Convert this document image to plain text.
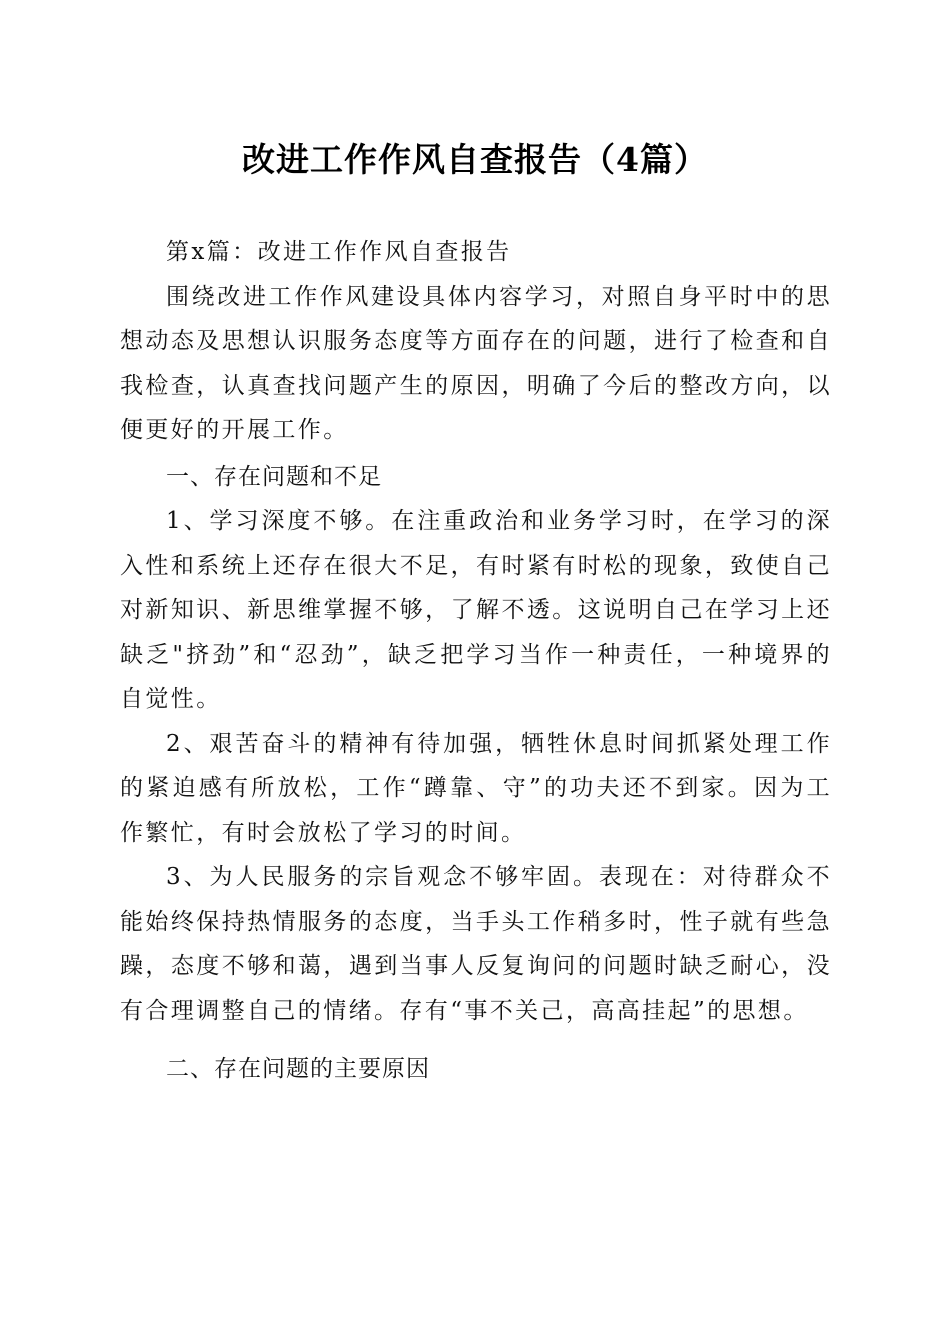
改进工作作风自查报告（4篇）

第x篇：改进工作作风自查报告

围绕改进工作作风建设具体内容学习，对照自身平时中的思想动态及思想认识服务态度等方面存在的问题，进行了检查和自我检查，认真查找问题产生的原因，明确了今后的整改方向，以便更好的开展工作。

一、存在问题和不足

1、学习深度不够。在注重政治和业务学习时，在学习的深入性和系统上还存在很大不足，有时紧有时松的现象，致使自己对新知识、新思维掌握不够，了解不透。这说明自己在学习上还缺乏"挤劲”和“忍劲”，缺乏把学习当作一种责任，一种境界的自觉性。

2、艰苦奋斗的精神有待加强，牺牲休息时间抓紧处理工作的紧迫感有所放松，工作“蹲靠、守”的功夫还不到家。因为工作繁忙，有时会放松了学习的时间。

3、为人民服务的宗旨观念不够牢固。表现在：对待群众不能始终保持热情服务的态度，当手头工作稍多时，性子就有些急躁，态度不够和蔼，遇到当事人反复询问的问题时缺乏耐心，没有合理调整自己的情绪。存有“事不关己，高高挂起”的思想。

二、存在问题的主要原因
